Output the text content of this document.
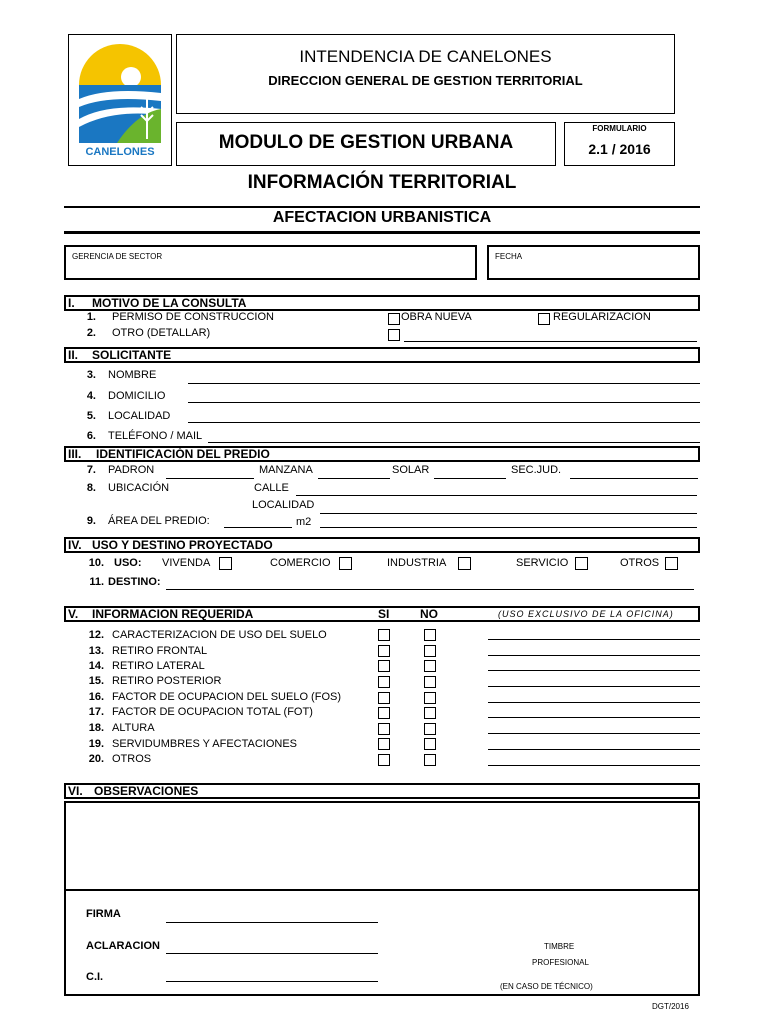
CANELONES
INTENDENCIA DE CANELONES
DIRECCION GENERAL DE GESTION TERRITORIAL
MODULO DE GESTION URBANA
FORMULARIO
2.1 / 2016
INFORMACIÓN TERRITORIAL
AFECTACION URBANISTICA
GERENCIA DE SECTOR	FECHA
I. MOTIVO DE LA CONSULTA
1. PERMISO DE CONSTRUCCION	OBRA NUEVA	REGULARIZACION
2. OTRO (DETALLAR)
II. SOLICITANTE
3. NOMBRE
4. DOMICILIO
5. LOCALIDAD
6. TELÉFONO / MAIL
III. IDENTIFICACIÓN DEL PREDIO
7. PADRON	MANZANA	SOLAR	SEC.JUD.
8. UBICACIÓN	CALLE
LOCALIDAD
9. ÁREA DEL PREDIO:	m2
IV. USO Y DESTINO PROYECTADO
10. USO: VIVENDA	COMERCIO	INDUSTRIA	SERVICIO	OTROS
11. DESTINO:
V. INFORMACION REQUERIDA	SI	NO	(USO EXCLUSIVO DE LA OFICINA)
12. CARACTERIZACION DE USO DEL SUELO
13. RETIRO FRONTAL
14. RETIRO LATERAL
15. RETIRO POSTERIOR
16. FACTOR DE OCUPACION DEL SUELO (FOS)
17. FACTOR DE OCUPACION TOTAL (FOT)
18. ALTURA
19. SERVIDUMBRES Y AFECTACIONES
20. OTROS
VI. OBSERVACIONES
FIRMA
ACLARACION
C.I.
TIMBRE
PROFESIONAL
(EN CASO DE TÉCNICO)
DGT/2016
